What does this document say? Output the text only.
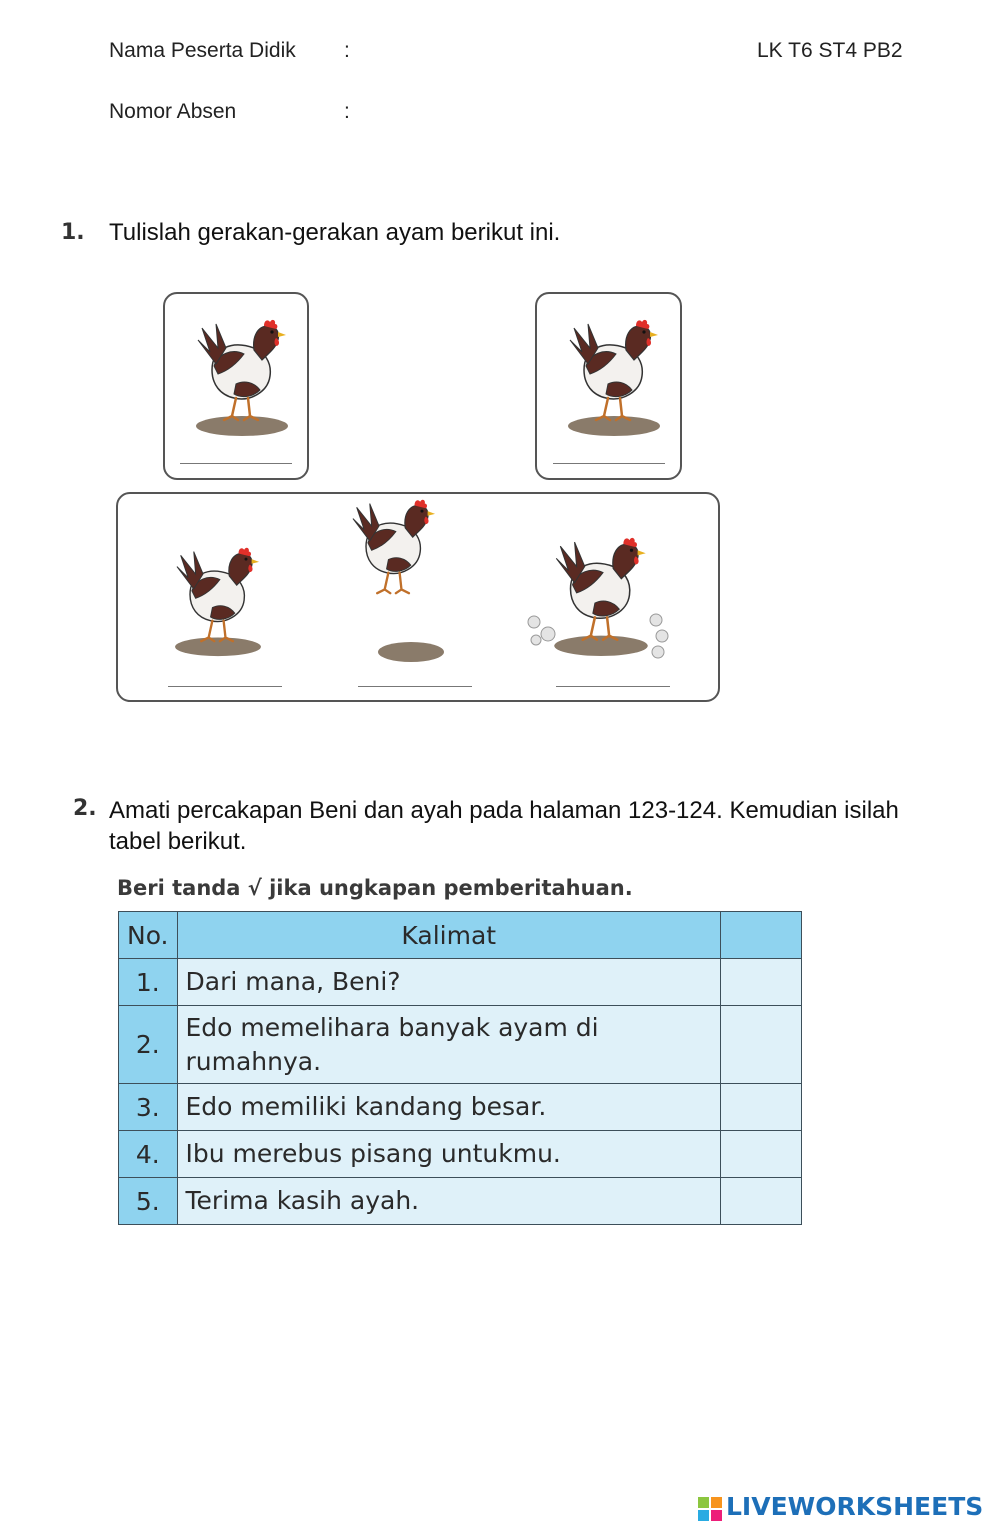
Nama Peserta Didik :	LK T6 ST4 PB2
Nomor Absen	:
1. Tulislah gerakan-gerakan ayam berikut ini.
2. Amati percakapan Beni dan ayah pada halaman 123-124. Kemudian isilah
tabel berikut.
Beri tanda √ jika ungkapan pemberitahuan.
No.	Kalimat	
1.	Dari mana, Beni?	
2.	Edo memelihara banyak ayam di
rumahnya.	
3.	Edo memiliki kandang besar.	
4.	Ibu merebus pisang untukmu.	
5.	Terima kasih ayah.	
LIVEWORKSHEETS
